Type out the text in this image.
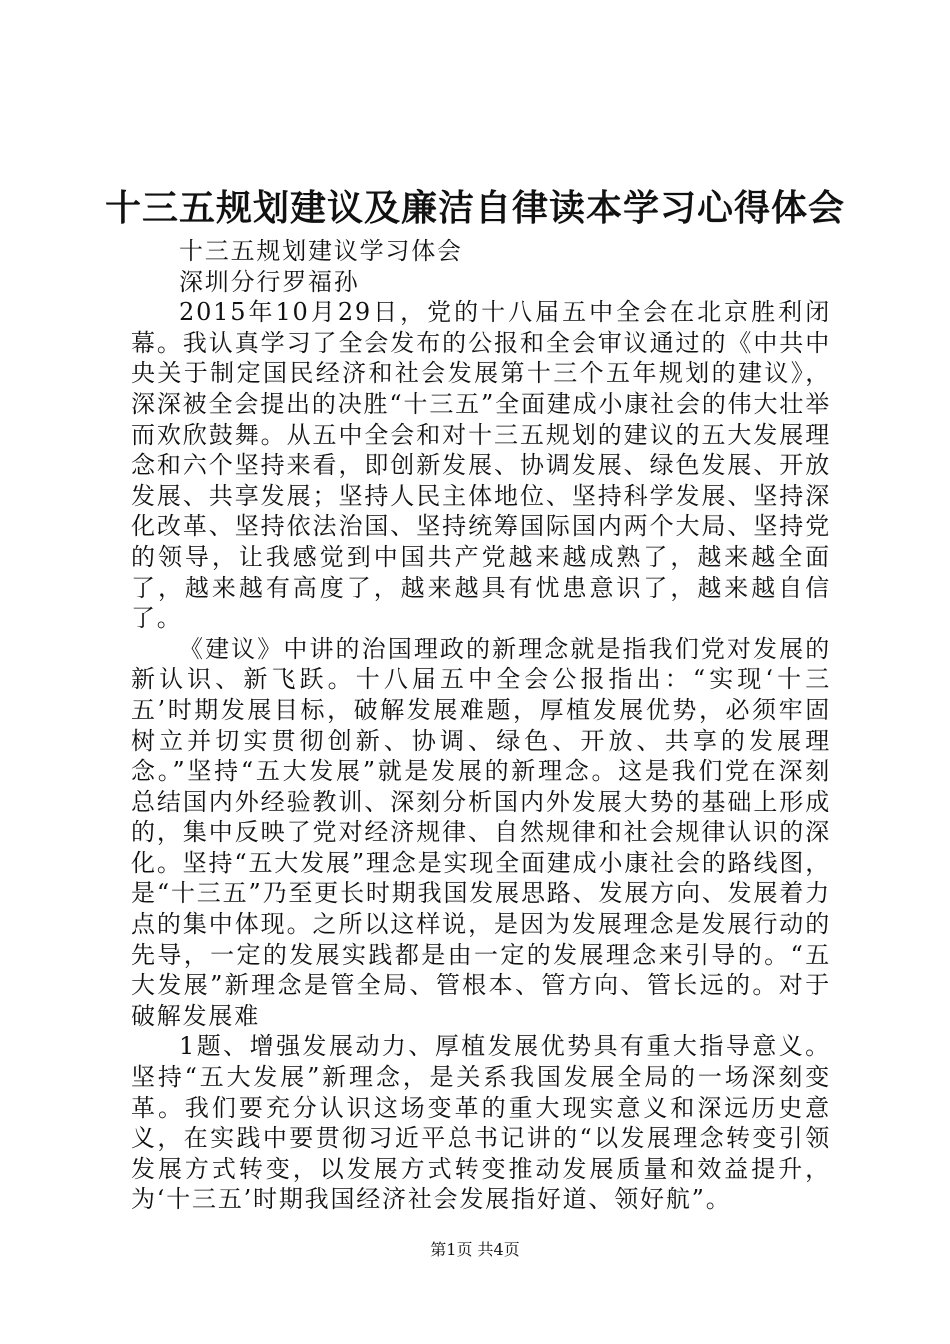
十三五规划建议及廉洁自律读本学习心得体会

十三五规划建议学习体会

深圳分行罗福孙

2015年10月29日，党的十八届五中全会在北京胜利闭幕。我认真学习了全会发布的公报和全会审议通过的《中共中央关于制定国民经济和社会发展第十三个五年规划的建议》，深深被全会提出的决胜“十三五”全面建成小康社会的伟大壮举而欢欣鼓舞。从五中全会和对十三五规划的建议的五大发展理念和六个坚持来看，即创新发展、协调发展、绿色发展、开放发展、共享发展；坚持人民主体地位、坚持科学发展、坚持深化改革、坚持依法治国、坚持统筹国际国内两个大局、坚持党的领导，让我感觉到中国共产党越来越成熟了，越来越全面了，越来越有高度了，越来越具有忧患意识了，越来越自信了。

《建议》中讲的治国理政的新理念就是指我们党对发展的新认识、新飞跃。十八届五中全会公报指出：“实现‘十三五’时期发展目标，破解发展难题，厚植发展优势，必须牢固树立并切实贯彻创新、协调、绿色、开放、共享的发展理念。”坚持“五大发展”就是发展的新理念。这是我们党在深刻总结国内外经验教训、深刻分析国内外发展大势的基础上形成的，集中反映了党对经济规律、自然规律和社会规律认识的深化。坚持“五大发展”理念是实现全面建成小康社会的路线图，是“十三五”乃至更长时期我国发展思路、发展方向、发展着力点的集中体现。之所以这样说，是因为发展理念是发展行动的先导，一定的发展实践都是由一定的发展理念来引导的。“五大发展”新理念是管全局、管根本、管方向、管长远的。对于破解发展难

1题、增强发展动力、厚植发展优势具有重大指导意义。坚持“五大发展”新理念，是关系我国发展全局的一场深刻变革。我们要充分认识这场变革的重大现实意义和深远历史意义，在实践中要贯彻习近平总书记讲的“以发展理念转变引领发展方式转变，以发展方式转变推动发展质量和效益提升，为‘十三五’时期我国经济社会发展指好道、领好航”。

第1页 共4页
